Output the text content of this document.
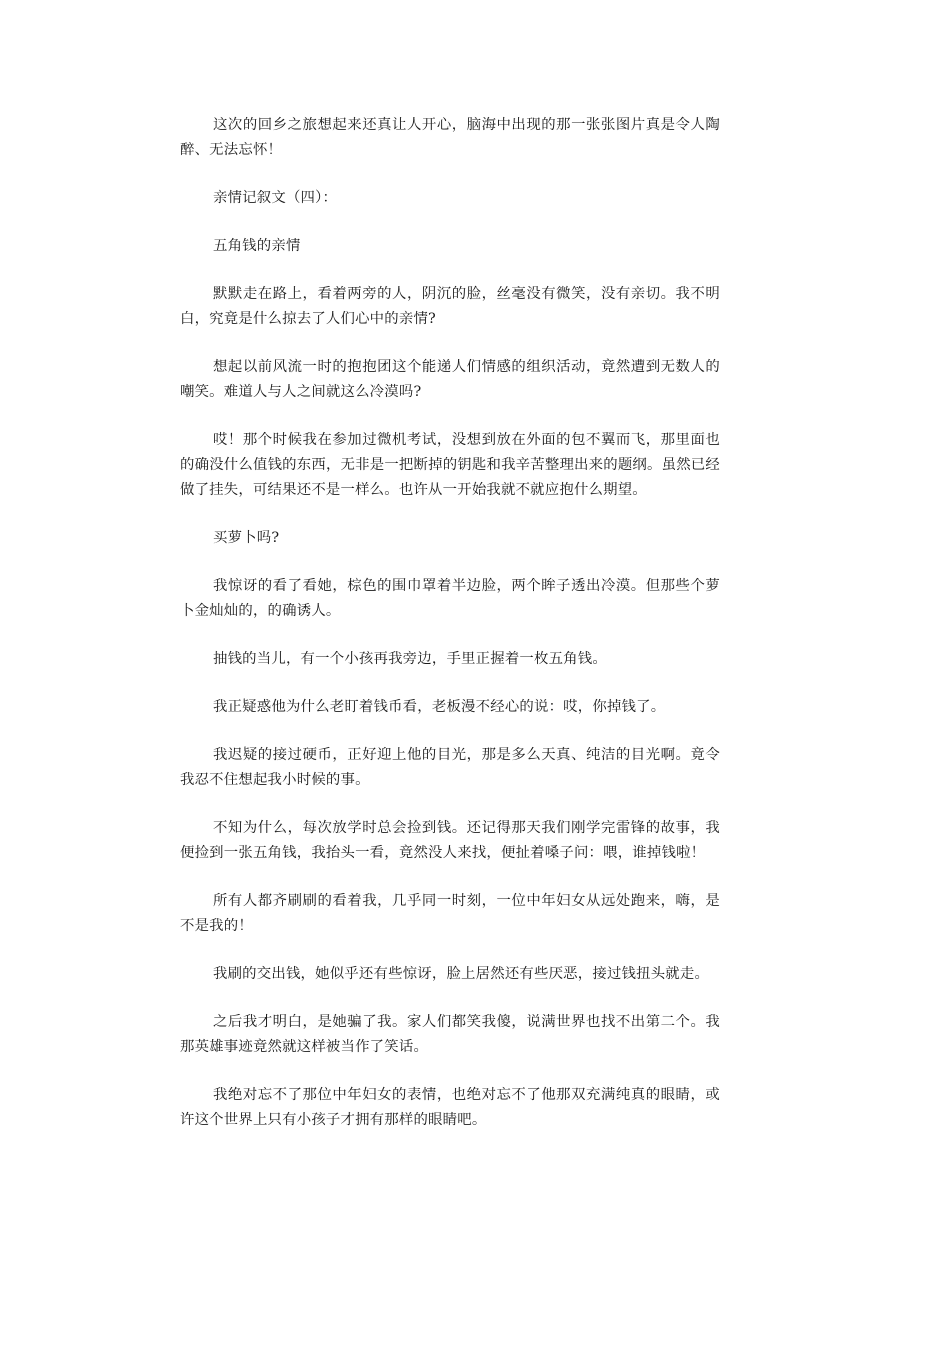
这次的回乡之旅想起来还真让人开心，脑海中出现的那一张张图片真是令人陶醉、无法忘怀！

亲情记叙文（四）：

五角钱的亲情

默默走在路上，看着两旁的人，阴沉的脸，丝毫没有微笑，没有亲切。我不明白，究竟是什么掠去了人们心中的亲情?

想起以前风流一时的抱抱团这个能递人们情感的组织活动，竟然遭到无数人的嘲笑。难道人与人之间就这么冷漠吗?

哎！那个时候我在参加过微机考试，没想到放在外面的包不翼而飞，那里面也的确没什么值钱的东西，无非是一把断掉的钥匙和我辛苦整理出来的题纲。虽然已经做了挂失，可结果还不是一样么。也许从一开始我就不就应抱什么期望。

买萝卜吗?

我惊讶的看了看她，棕色的围巾罩着半边脸，两个眸子透出冷漠。但那些个萝卜金灿灿的，的确诱人。

抽钱的当儿，有一个小孩再我旁边，手里正握着一枚五角钱。

我正疑惑他为什么老盯着钱币看，老板漫不经心的说：哎，你掉钱了。

我迟疑的接过硬币，正好迎上他的目光，那是多么天真、纯洁的目光啊。竟令我忍不住想起我小时候的事。

不知为什么，每次放学时总会捡到钱。还记得那天我们刚学完雷锋的故事，我便捡到一张五角钱，我抬头一看，竟然没人来找，便扯着嗓子问：喂，谁掉钱啦！

所有人都齐刷刷的看着我，几乎同一时刻，一位中年妇女从远处跑来，嗨，是不是我的！

我刷的交出钱，她似乎还有些惊讶，脸上居然还有些厌恶，接过钱扭头就走。

之后我才明白，是她骗了我。家人们都笑我傻，说满世界也找不出第二个。我那英雄事迹竟然就这样被当作了笑话。

我绝对忘不了那位中年妇女的表情，也绝对忘不了他那双充满纯真的眼睛，或许这个世界上只有小孩子才拥有那样的眼睛吧。
